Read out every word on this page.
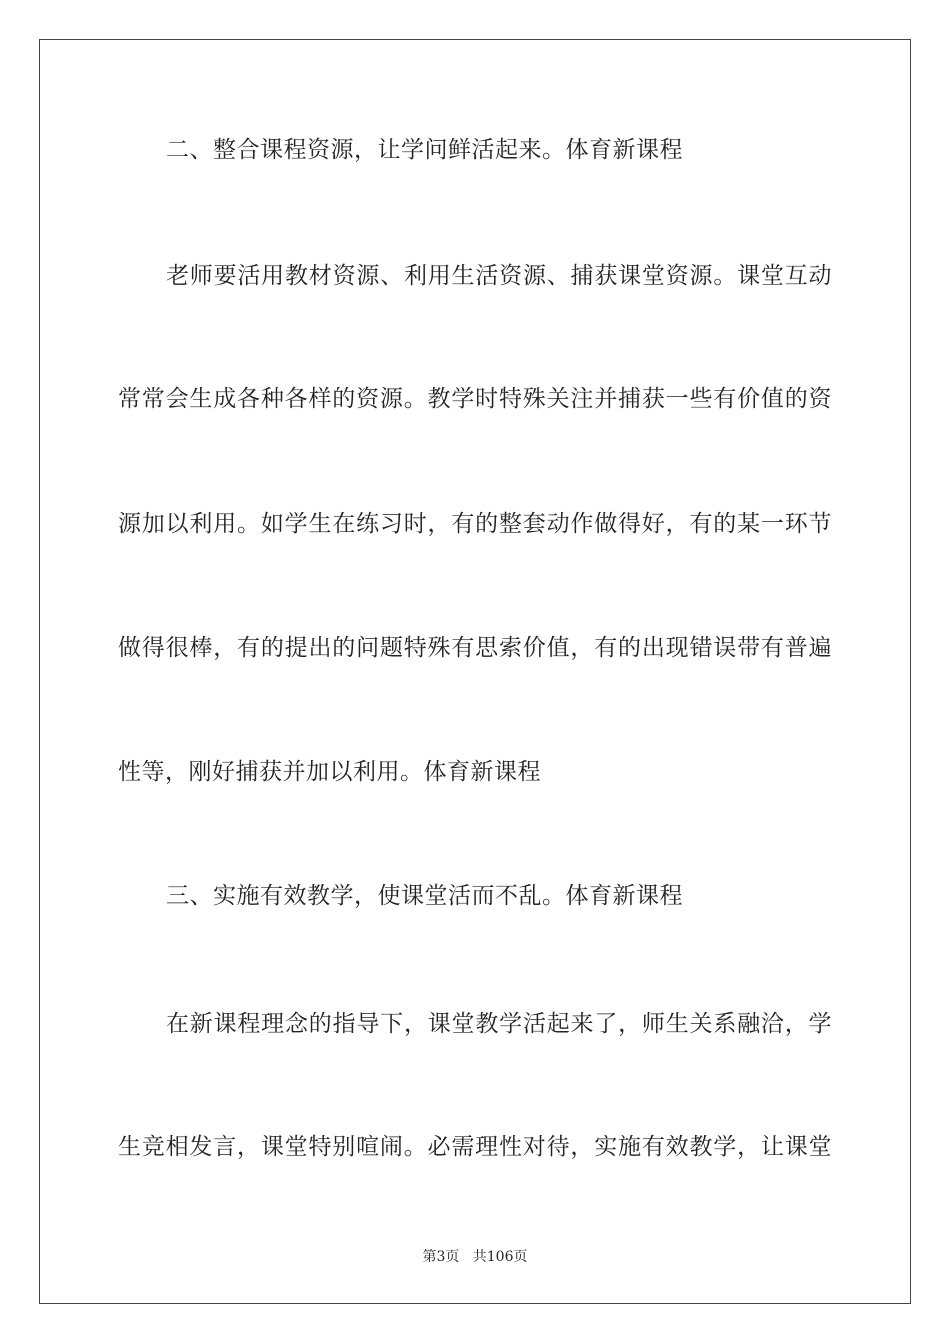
二、整合课程资源，让学问鲜活起来。体育新课程
老师要活用教材资源、利用生活资源、捕获课堂资源。课堂互动
常常会生成各种各样的资源。教学时特殊关注并捕获一些有价值的资
源加以利用。如学生在练习时，有的整套动作做得好，有的某一环节
做得很棒，有的提出的问题特殊有思索价值，有的出现错误带有普遍
性等，刚好捕获并加以利用。体育新课程
三、实施有效教学，使课堂活而不乱。体育新课程
在新课程理念的指导下，课堂教学活起来了，师生关系融洽，学
生竞相发言，课堂特别喧闹。必需理性对待，实施有效教学，让课堂
第3页 共106页
